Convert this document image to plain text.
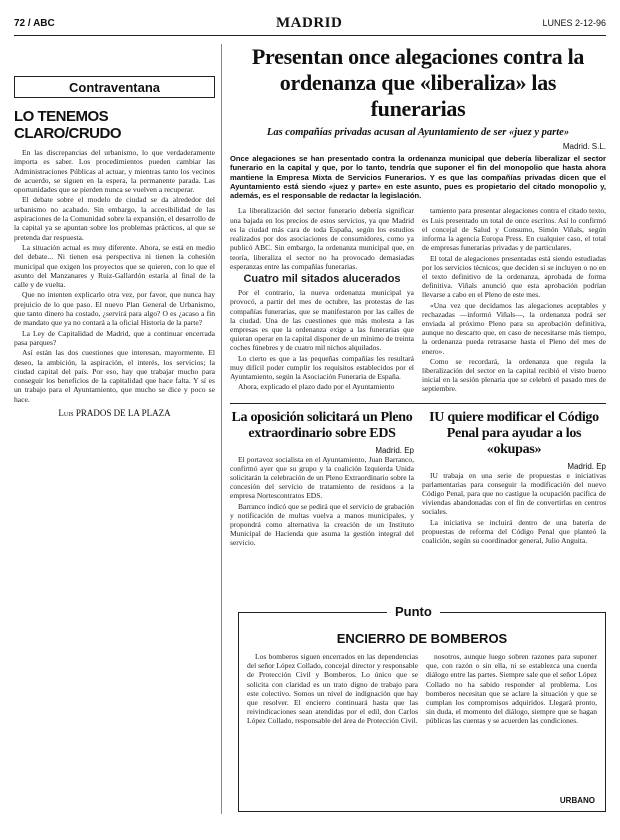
72 / ABC	MADRID	LUNES 2-12-96
Contraventana
LO TENEMOS CLARO/CRUDO

En las discrepancias del urbanismo, lo que verdaderamente importa es saber. Los procedimientos pueden cambiar las Administraciones Públicas al actuar, y mientras tanto los vecinos de acuerdo, se siguen en la espera, la permanente parada. Las oportunidades que se pierden nunca se vuelven a recuperar.

El debate sobre el modelo de ciudad se da alrededor del urbanismo no acabado. Sin embargo, la accesibilidad de las aspiraciones de la Comunidad sobre la expansión, el desarrollo de la capital ya se apuntan sobre los problemas prácticos, al que se pretenda dar respuesta.

La situación actual es muy diferente. Ahora, se está en medio del debate... Ni tienen esa perspectiva ni tienen la cohesión municipal que exigen los proyectos que se quieren, con lo que el asunto del Manzanares y Ruiz-Gallardón estaría al final de la calle y de vuelta.

Que no intenten explicarlo otra vez, por favor, que nunca hay prejuicio de lo que paso. El nuevo Plan General de Urbanismo, que tanto dinero ha costado, ¿servirá para algo? O es ¿acaso a fin de mandato que ya no contará a la oficial Historia de la parte?

La Ley de Capitalidad de Madrid, que a continuar encerrada pasa parques?

Así están las dos cuestiones que interesan, mayormente. El deseo, la ambición, la aspiración, el interés, los servicios; la ciudad capital del país. Por eso, hay que trabajar mucho para conseguir los beneficios de la capitalidad que hace falta. Y sí es un trabajo para el Ayuntamiento, que mucho se dice y poco se hace.

Luis PRADOS DE LA PLAZA
Presentan once alegaciones contra la ordenanza que «liberaliza» las funerarias
Las compañías privadas acusan al Ayuntamiento de ser «juez y parte»
Madrid. S.L.
Once alegaciones se han presentado contra la ordenanza municipal que debería liberalizar el sector funerario en la capital y que, por lo tanto, tendría que suponer el fin del monopolio que hasta ahora mantiene la Empresa Mixta de Servicios Funerarios. Y es que las compañías privadas dicen que el Ayuntamiento está siendo «juez y parte» en este asunto, pues es propietario del citado monopolio y, además, es el responsable de redactar la legislación.

La liberalización del sector funerario debería significar una bajada en los precios de estos servicios, ya que Madrid es la ciudad más cara de toda España, según los estudios realizados por dos asociaciones de consumidores, como ya publicó ABC. Sin embargo, la ordenanza municipal que, en teoría, liberaliza el sector no ha provocado demasiadas esperanzas entre las compañías funerarias.

Cuatro mil sitados alucerados

Por el contrario, la nueva ordenanza municipal ya provocó, a partir del mes de octubre, las protestas de las compañías funerarias, que se manifestaron por las calles de la ciudad. Una de las cuestiones que más molesta a las empresas es que la ordenanza exige a las funerarias que quieran operar en la capital disponer de un mínimo de treinta coches fúnebres y de cuatro mil nichos alquilados.

Lo cierto es que a las pequeñas compañías les resultará muy difícil poder cumplir los requisitos establecidos por el Ayuntamiento, según la Asociación Funeraria de España.

Ahora, explicado el plazo dado por el Ayuntamiento

tamiento para presentar alegaciones contra el citado texto, es Luis presentado un total de once escritos. Así lo confirmó el concejal de Salud y Consumo, Simón Viñals, según informa la agencia Europa Press. En cualquier caso, el total de empresas funerarias privadas y de particulares.

El total de alegaciones presentadas está siendo estudiadas por los servicios técnicos, que deciden si se incluyen o no en el texto definitivo de la ordenanza, aprobada de forma definitiva. Viñals anunció que esta aprobación podrían llevarse a cabo en el Pleno de este mes.

«Una vez que decidamos las alegaciones aceptables y rechazadas —informó Viñals—, la ordenanza podrá ser enviada al próximo Pleno para su aprobación definitiva, aunque no descarto que, en caso de necesitarse más tiempo, la ordenanza pueda retrasarse hasta el Pleno del mes de enero».

Como se recordará, la ordenanza que regula la liberalización del sector en la capital recibió el visto bueno inicial en la sesión plenaria que se celebró el pasado mes de septiembre.

La oposición solicitará un Pleno extraordinario sobre EDS
Madrid. Ep

El portavoz socialista en el Ayuntamiento, Juan Barranco, confirmó ayer que su grupo y la coalición Izquierda Unida solicitarán la celebración de un Pleno Extraordinario sobre la concesión del servicio de tratamiento de residuos a la empresa Nortescontratos EDS.

Barranco indicó que se pedirá que el servicio de grabación y notificación de multas vuelva a manos municipales, y propondrá como alternativa la creación de un Instituto Municipal de Hacienda que asuma la gestión integral del servicio.

IU quiere modificar el Código Penal para ayudar a los «okupas»
Madrid. Ep

IU trabaja en una serie de propuestas e iniciativas parlamentarias para conseguir la modificación del nuevo Código Penal, para que no castigue la ocupación pacífica de viviendas abandonadas con el fin de convertirlas en centros sociales.

La iniciativa se incluirá dentro de una batería de propuestas de reforma del Código Penal que planteó la coalición, según su coordinador general, Julio Anguita.

Punto
ENCIERRO DE BOMBEROS

Los bomberos siguen encerrados en las dependencias del señor López Collado, concejal director y responsable de Protección Civil y Bomberos. Lo único que se solicita con claridad es un trato digno de trabajo para este colectivo. Somos un nivel de indignación que hay que resolver. El encierro continuará hasta que las reivindicaciones sean atendidas por el edil, don Carlos López Collado, responsable del área de Protección Civil.

nosotros, aunque luego sobren razones para suponer que, con razón o sin ella, ni se establezca una cuerda diálogo entre las partes. Siempre sale que el señor López Collado no ha sabido responder al problema. Los bomberos necesitan que se aclare la situación y que se cumplan los compromisos adquiridos. Llegará pronto, sin duda, el momento del diálogo, siempre que se hagan públicas las cuentas y se acuerden las condiciones.

URBANO
